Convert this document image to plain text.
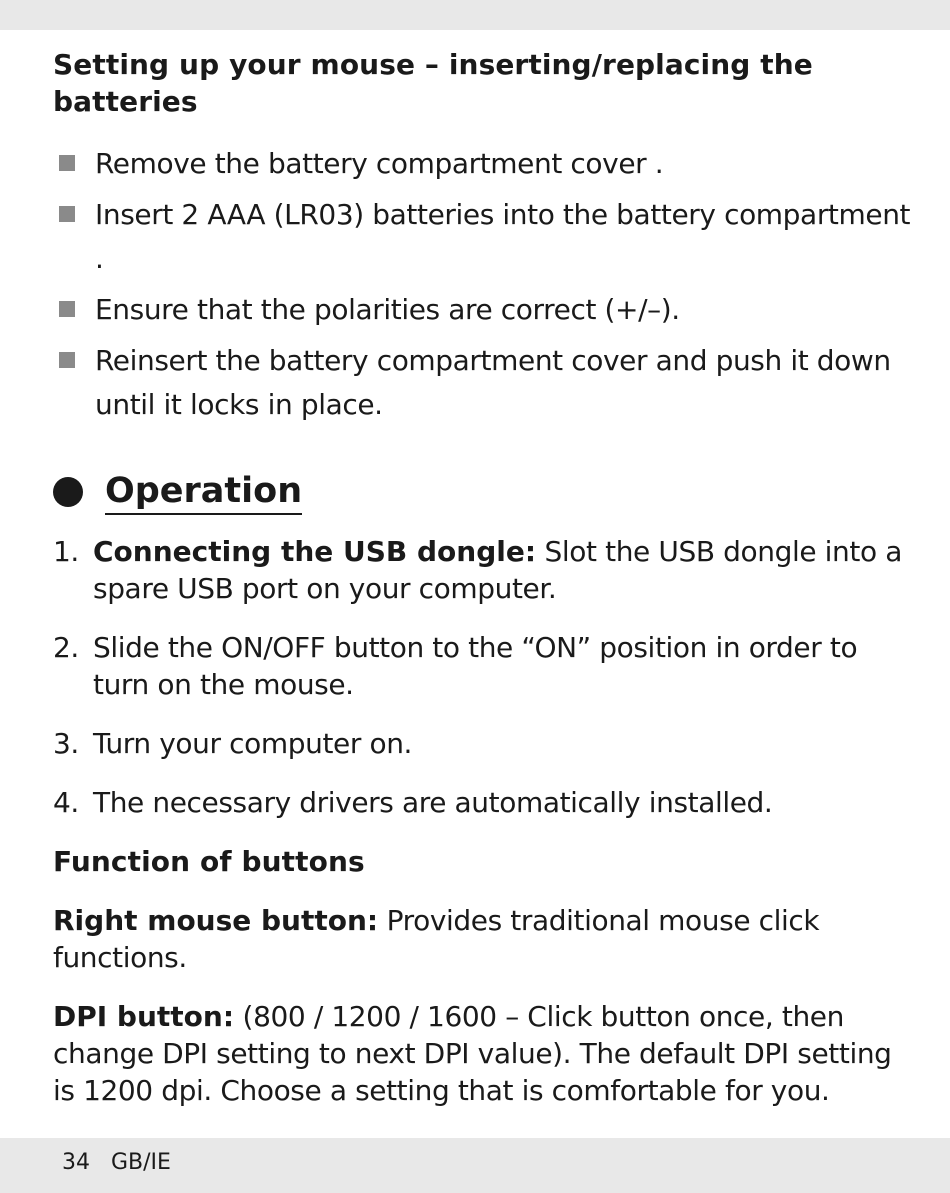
Setting up your mouse – inserting/replacing the batteries
Remove the battery compartment cover .
Insert 2 AAA (LR03) batteries into the battery compartment .
Ensure that the polarities are correct (+/–).
Reinsert the battery compartment cover and push it down until it locks in place.
Operation
1. Connecting the USB dongle: Slot the USB dongle into a spare USB port on your computer.
2. Slide the ON/OFF button to the “ON” position in order to turn on the mouse.
3. Turn your computer on.
4. The necessary drivers are automatically installed.
Function of buttons

Right mouse button: Provides traditional mouse click functions.

DPI button: (800 / 1200 / 1600 – Click button once, then change DPI setting to next DPI value). The default DPI setting is 1200 dpi. Choose a setting that is comfortable for you.

34 GB/IE
